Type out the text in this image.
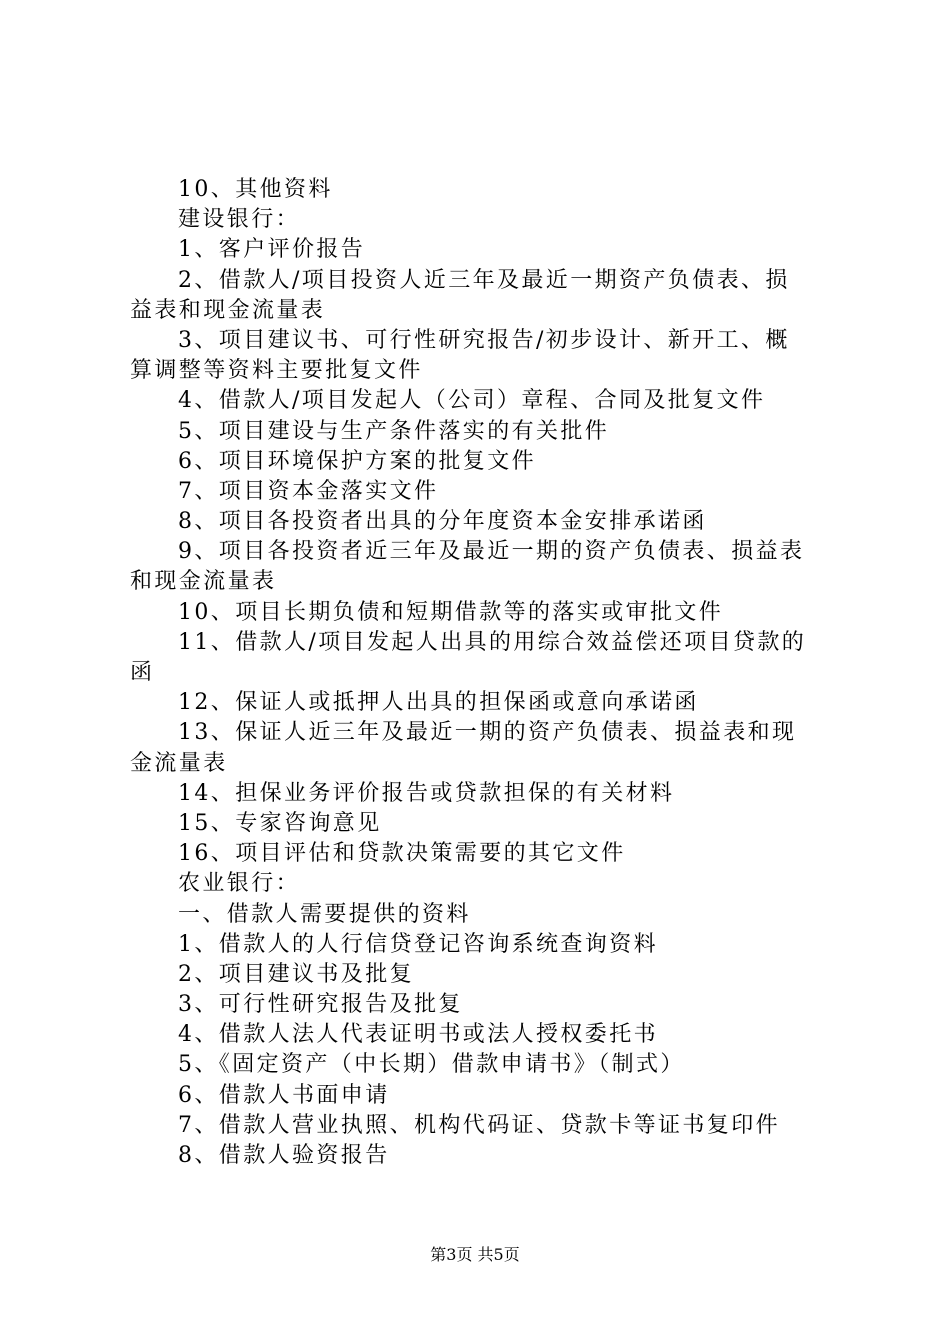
10、其他资料
建设银行：
1、客户评价报告
2、借款人/项目投资人近三年及最近一期资产负债表、损
益表和现金流量表
3、项目建议书、可行性研究报告/初步设计、新开工、概
算调整等资料主要批复文件
4、借款人/项目发起人（公司）章程、合同及批复文件
5、项目建设与生产条件落实的有关批件
6、项目环境保护方案的批复文件
7、项目资本金落实文件
8、项目各投资者出具的分年度资本金安排承诺函
9、项目各投资者近三年及最近一期的资产负债表、损益表
和现金流量表
10、项目长期负债和短期借款等的落实或审批文件
11、借款人/项目发起人出具的用综合效益偿还项目贷款的
函
12、保证人或抵押人出具的担保函或意向承诺函
13、保证人近三年及最近一期的资产负债表、损益表和现
金流量表
14、担保业务评价报告或贷款担保的有关材料
15、专家咨询意见
16、项目评估和贷款决策需要的其它文件
农业银行：
一、借款人需要提供的资料
1、借款人的人行信贷登记咨询系统查询资料
2、项目建议书及批复
3、可行性研究报告及批复
4、借款人法人代表证明书或法人授权委托书
5、《固定资产（中长期）借款申请书》（制式）
6、借款人书面申请
7、借款人营业执照、机构代码证、贷款卡等证书复印件
8、借款人验资报告
第3页 共5页
